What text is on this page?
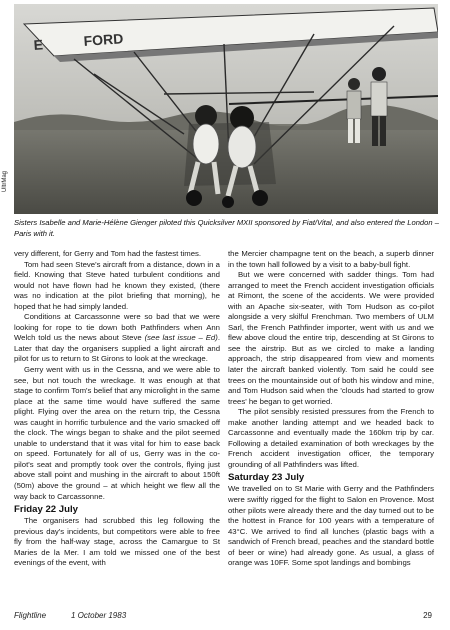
E	FORD
UltrMag
Sisters Isabelle and Marie-Hélène Gienger piloted this Quicksilver MXII sponsored by Fiat/Vital, and also entered the London – Paris with it.

very different, for Gerry and Tom had the fastest times.

Tom had seen Steve's aircraft from a distance, down in a field. Knowing that Steve hated turbulent conditions and would not have flown had he known they existed, (there was no indication at the pilot briefing that morning), he hoped that he had simply landed.

Conditions at Carcassonne were so bad that we were looking for rope to tie down both Pathfinders when Ann Welch told us the news about Steve (see last issue – Ed). Later that day the organisers supplied a light aircraft and pilot for us to return to St Girons to look at the wreckage.

Gerry went with us in the Cessna, and we were able to see, but not touch the wreckage. It was enough at that stage to confirm Tom's belief that any microlight in the same place at the same time would have suffered the same plight. Flying over the area on the return trip, the Cessna was caught in horrific turbulence and the vario smacked off the clock. The wings began to shake and the pilot seemed unable to understand that it was vital for him to ease back on speed. Fortunately for all of us, Gerry was in the co-pilot's seat and promptly took over the controls, flying just above stall point and mushing in the aircraft to about 150ft (50m) above the ground – at which height we flew all the way back to Carcassonne.

Friday 22 July

The organisers had scrubbed this leg following the previous day's incidents, but competitors were able to free fly from the half-way stage, across the Camargue to St Maries de la Mer. I am told we missed one of the best evenings of the event, with

the Mercier champagne tent on the beach, a superb dinner in the town hall followed by a visit to a baby-bull fight.

But we were concerned with sadder things. Tom had arranged to meet the French accident investigation officials at Rimont, the scene of the accidents. We were provided with an Apache six-seater, with Tom Hudson as co-pilot alongside a very skilful Frenchman. Two members of ULM Sarl, the French Pathfinder importer, went with us and we flew above cloud the entire trip, descending at St Girons to see the airstrip. But as we circled to make a landing approach, the strip disappeared from view and moments later the aircraft banked violently. Tom said he could see trees on the mountainside out of both his window and mine, and Tom Hudson said when the 'clouds had started to grow trees' he began to get worried.

The pilot sensibly resisted pressures from the French to make another landing attempt and we headed back to Carcassonne and eventually made the 160km trip by car. Following a detailed examination of both wreckages by the French accident investigation officer, the temporary grounding of all Pathfinders was lifted.

Saturday 23 July

We travelled on to St Marie with Gerry and the Pathfinders were swiftly rigged for the flight to Salon en Provence. Most other pilots were already there and the day turned out to be the hottest in France for 100 years with a temperature of 43°C. We arrived to find all lunches (plastic bags with a sandwich of French bread, peaches and the standard bottle of beer or wine) had already gone. As usual, a glass of orange was 10FF. Some spot landings and bombings

Flightline	1 October 1983	29
